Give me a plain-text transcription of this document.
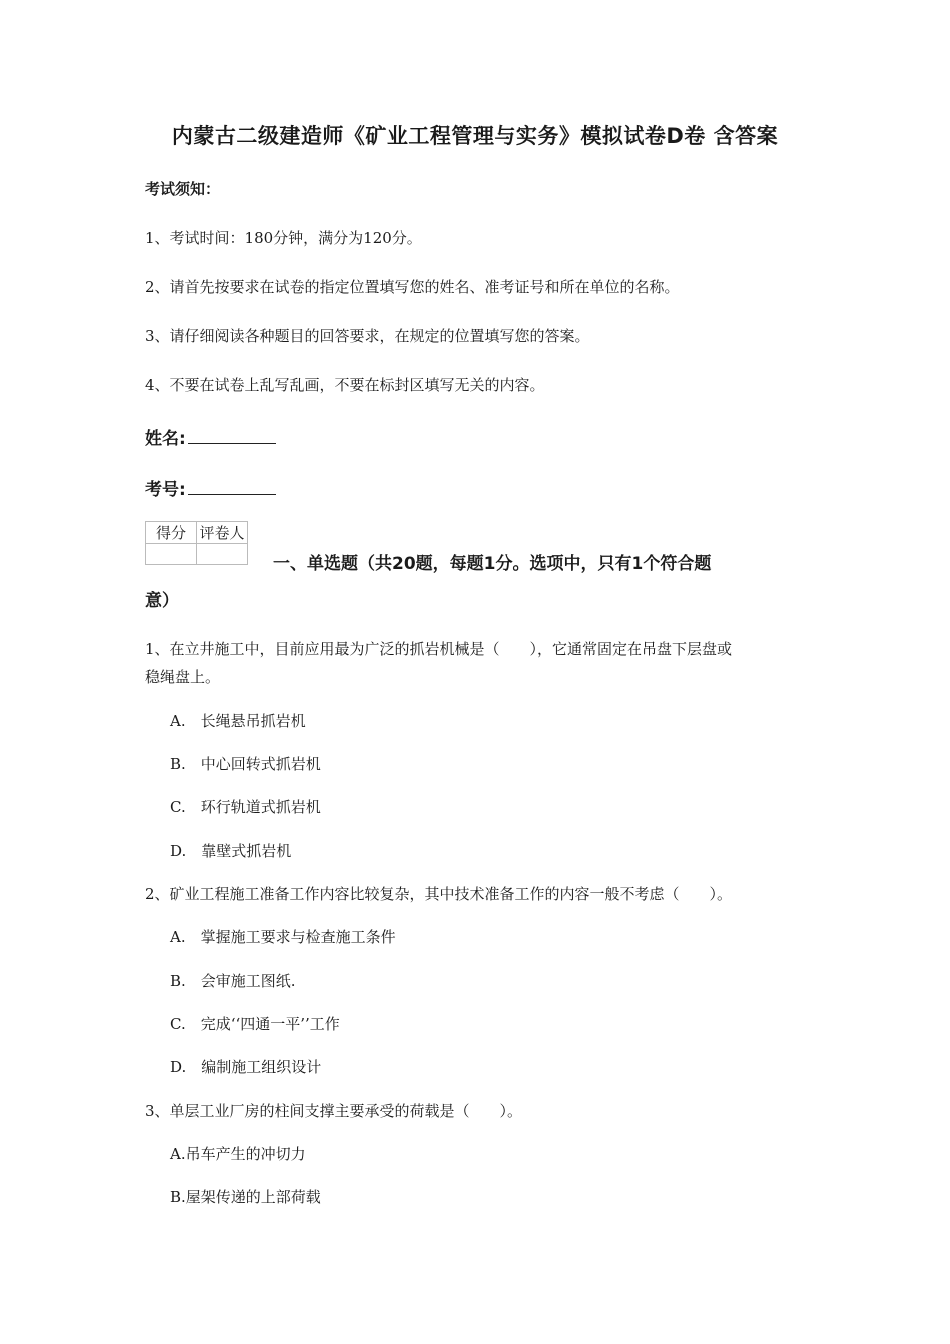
内蒙古二级建造师《矿业工程管理与实务》模拟试卷D卷 含答案
考试须知：
1、考试时间：180分钟，满分为120分。
2、请首先按要求在试卷的指定位置填写您的姓名、准考证号和所在单位的名称。
3、请仔细阅读各种题目的回答要求，在规定的位置填写您的答案。
4、不要在试卷上乱写乱画，不要在标封区填写无关的内容。
姓名:
考号:
得分	评卷人

一、单选题（共20题，每题1分。选项中，只有1个符合题
意）
1、在立井施工中，目前应用最为广泛的抓岩机械是（　　），它通常固定在吊盘下层盘或
稳绳盘上。
A.　长绳悬吊抓岩机
B.　中心回转式抓岩机
C.　环行轨道式抓岩机
D.　靠壁式抓岩机
2、矿业工程施工准备工作内容比较复杂，其中技术准备工作的内容一般不考虑（　　）。
A.　掌握施工要求与检查施工条件
B.　会审施工图纸.
C.　完成‘‘四通一平’’工作
D.　编制施工组织设计
3、单层工业厂房的柱间支撑主要承受的荷载是（　　）。
A.吊车产生的冲切力
B.屋架传递的上部荷载
